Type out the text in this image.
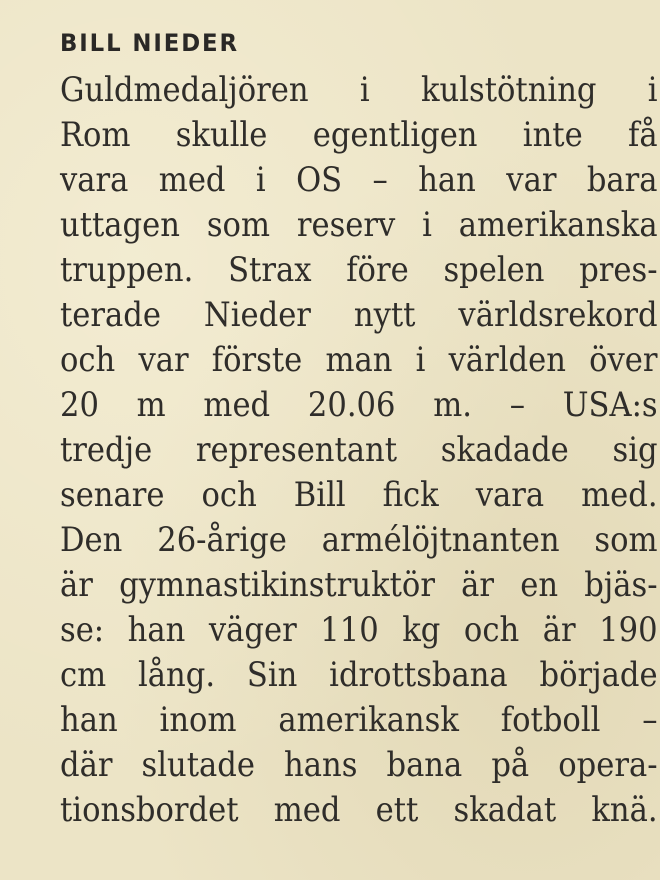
BILL NIEDER
Guldmedaljören i kulstötning i
Rom skulle egentligen inte få
vara med i OS – han var bara
uttagen som reserv i amerikanska
truppen. Strax före spelen pres-
terade Nieder nytt världsrekord
och var förste man i världen över
20 m med 20.06 m. – USA:s
tredje representant skadade sig
senare och Bill fick vara med.
Den 26-årige armélöjtnanten som
är gymnastikinstruktör är en bjäs-
se: han väger 110 kg och är 190
cm lång. Sin idrottsbana började
han inom amerikansk fotboll –
där slutade hans bana på opera-
tionsbordet med ett skadat knä.
